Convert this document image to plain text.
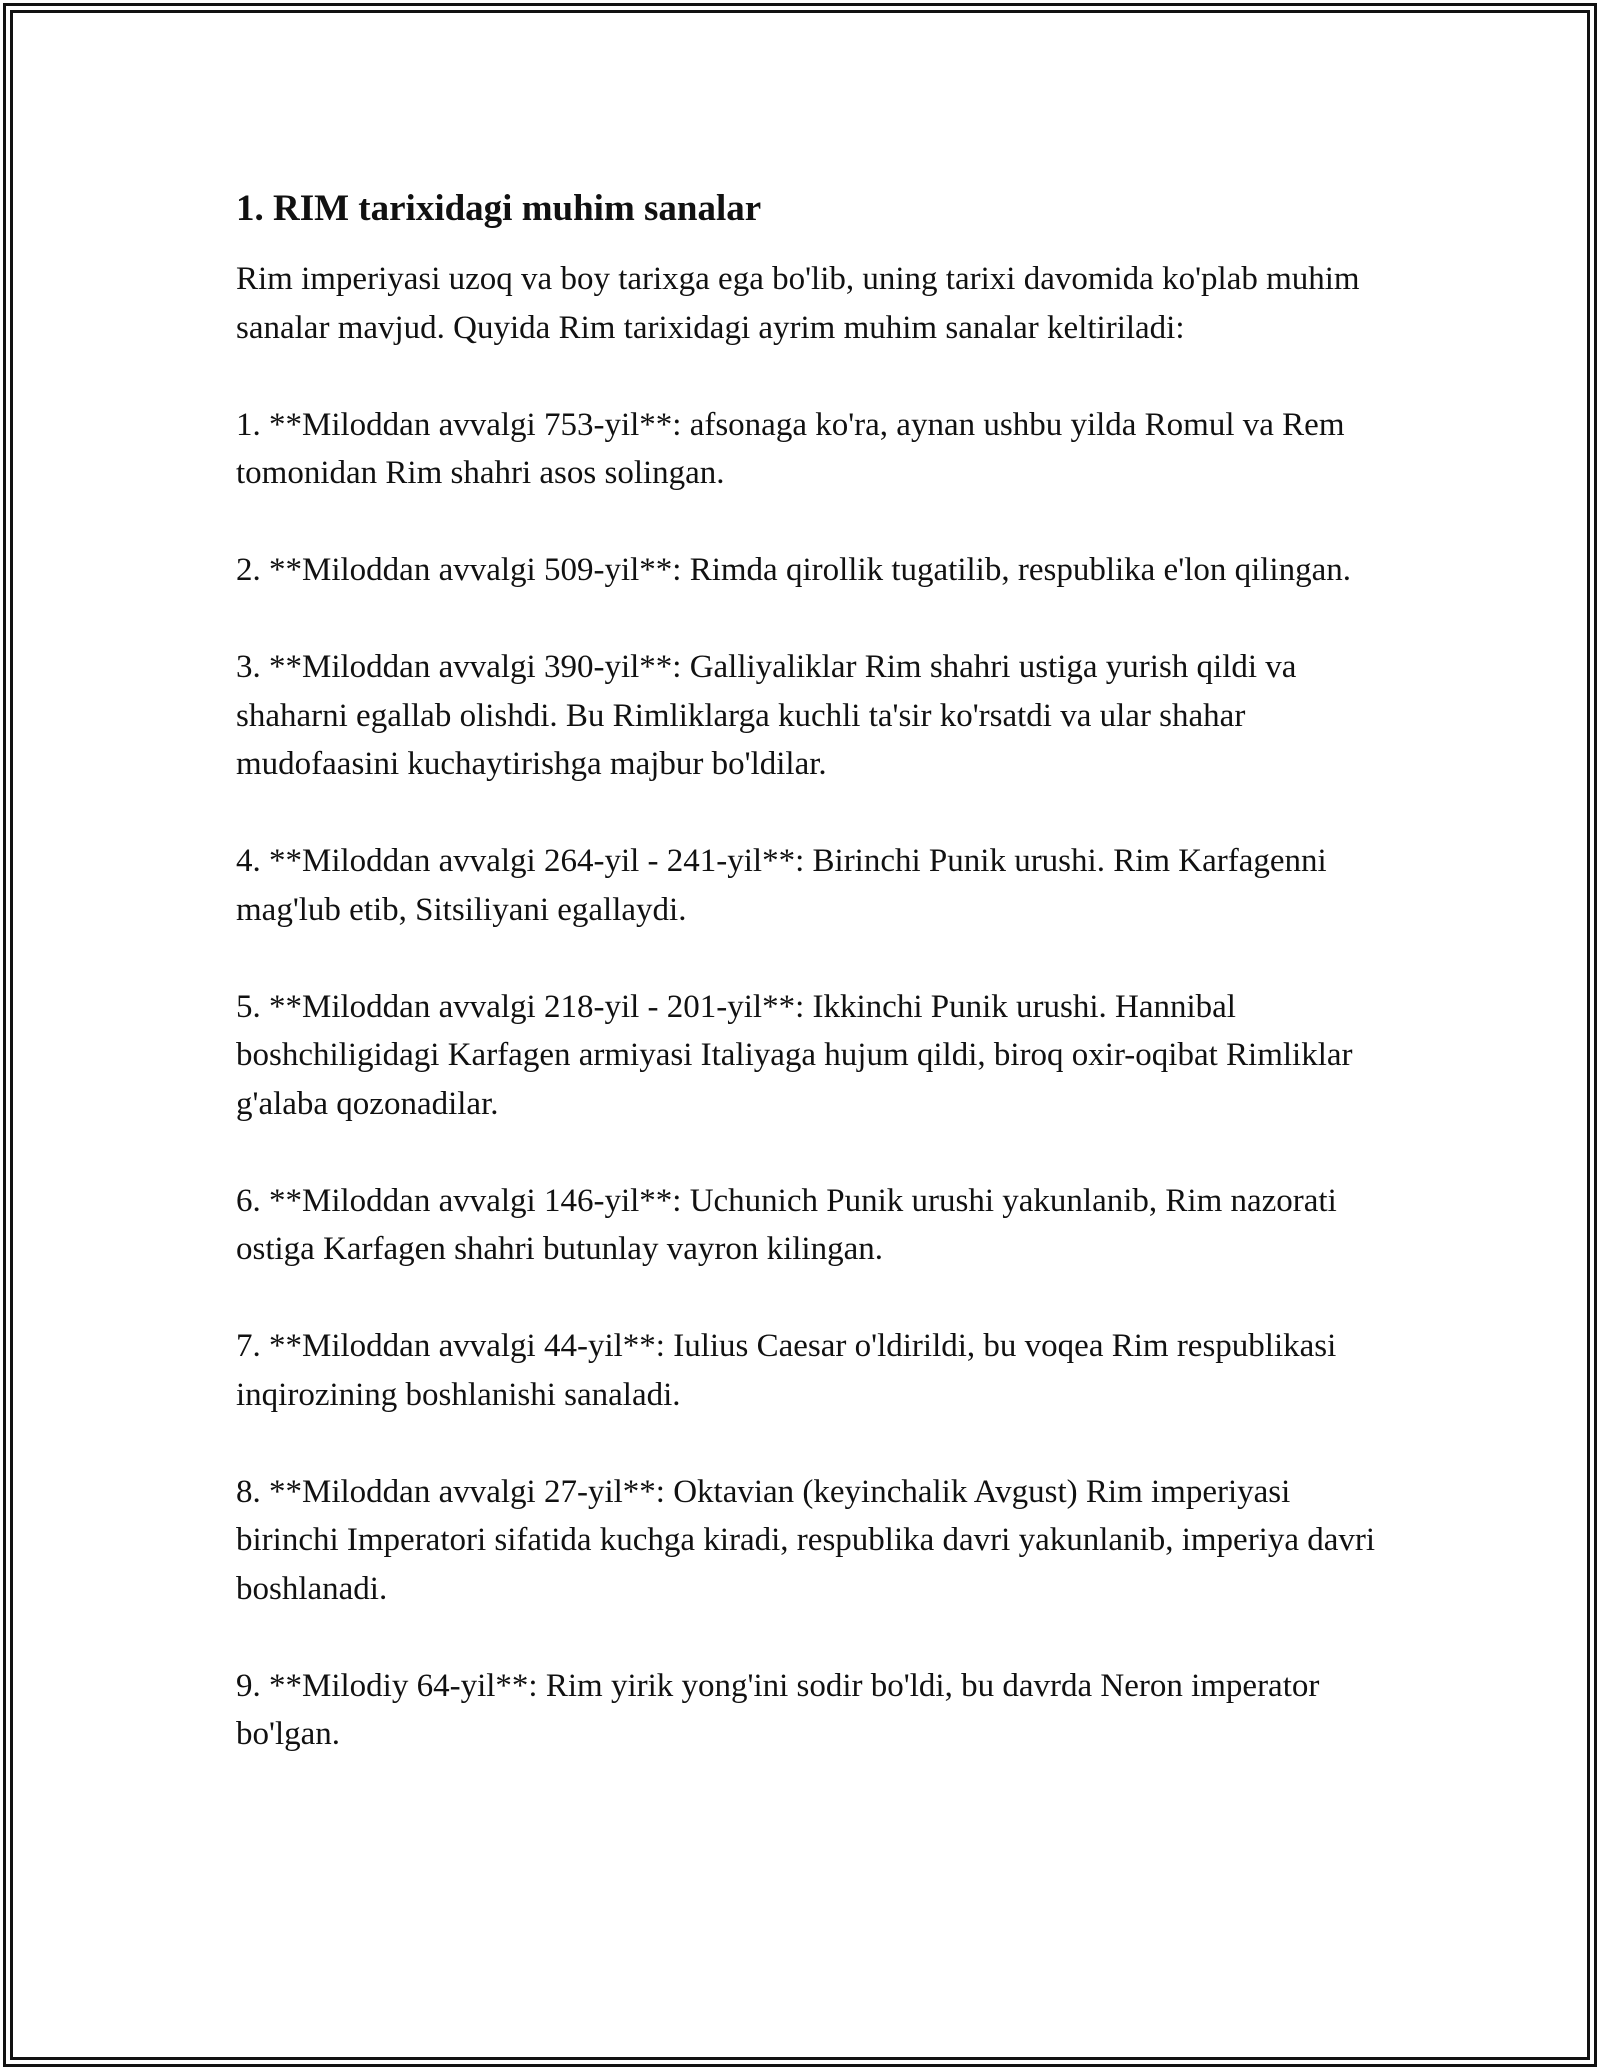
1. RIM tarixidagi muhim sanalar

Rim imperiyasi uzoq va boy tarixga ega bo'lib, uning tarixi davomida ko'plab muhim sanalar mavjud. Quyida Rim tarixidagi ayrim muhim sanalar keltiriladi:

1. **Miloddan avvalgi 753-yil**: afsonaga ko'ra, aynan ushbu yilda Romul va Rem tomonidan Rim shahri asos solingan.

2. **Miloddan avvalgi 509-yil**: Rimda qirollik tugatilib, respublika e'lon qilingan.

3. **Miloddan avvalgi 390-yil**: Galliyaliklar Rim shahri ustiga yurish qildi va shaharni egallab olishdi. Bu Rimliklarga kuchli ta'sir ko'rsatdi va ular shahar mudofaasini kuchaytirishga majbur bo'ldilar.

4. **Miloddan avvalgi 264-yil - 241-yil**: Birinchi Punik urushi. Rim Karfagenni mag'lub etib, Sitsiliyani egallaydi.

5. **Miloddan avvalgi 218-yil - 201-yil**: Ikkinchi Punik urushi. Hannibal boshchiligidagi Karfagen armiyasi Italiyaga hujum qildi, biroq oxir-oqibat Rimliklar g'alaba qozonadilar.

6. **Miloddan avvalgi 146-yil**: Uchunich Punik urushi yakunlanib, Rim nazorati ostiga Karfagen shahri butunlay vayron kilingan.

7. **Miloddan avvalgi 44-yil**: Iulius Caesar o'ldirildi, bu voqea Rim respublikasi inqirozining boshlanishi sanaladi.

8. **Miloddan avvalgi 27-yil**: Oktavian (keyinchalik Avgust) Rim imperiyasi birinchi Imperatori sifatida kuchga kiradi, respublika davri yakunlanib, imperiya davri boshlanadi.

9. **Milodiy 64-yil**: Rim yirik yong'ini sodir bo'ldi, bu davrda Neron imperator bo'lgan.
